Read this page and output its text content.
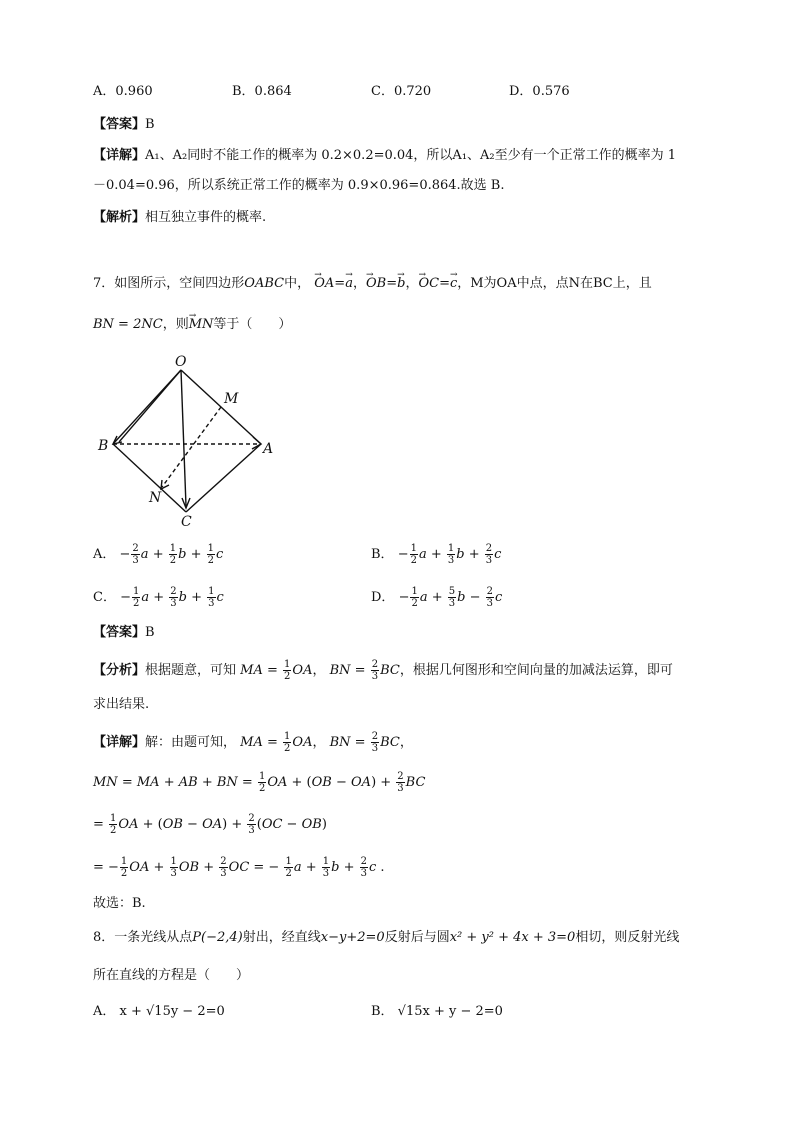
A．0.960	B．0.864	C．0.720	D．0.576
【答案】B
【详解】A₁、A₂同时不能工作的概率为 0.2×0.2=0.04，所以A₁、A₂至少有一个正常工作的概率为 1
－0.04=0.96，所以系统正常工作的概率为 0.9×0.96=0.864.故选 B.
【解析】相互独立事件的概率.
7．如图所示，空间四边形OABC中， → OA=→ a，→ OB=→ b，→ OC=→ c，M为OA中点，点N在BC上，且
BN = 2NC，则→ MN等于（　　）
O
M
B	A
N
C
A． − $\frac{2}{3}$ $a + \frac{1}{2}$ $b + \frac{1}{2}$ c	B． − $\frac{1}{2}$ $a + \frac{1}{3}$ $b + \frac{2}{3}$ c
C． − $\frac{1}{2}$ $a + \frac{2}{3}$ $b + \frac{1}{3}$ c	D． − $\frac{1}{2}$ $a + \frac{5}{3}$ $b - \frac{2}{3}$ c
【答案】B
【分析】根据题意，可知 MA = $\frac{1}{2}$ OA， BN = $\frac{2}{3}$ BC，根据几何图形和空间向量的加减法运算，即可
求出结果.
【详解】解：由题可知， MA = $\frac{1}{2}$ OA， BN = $\frac{2}{3}$ BC，
MN = MA + AB + BN = $\frac{1}{2}$ OA + $(OB - OA) + \frac{2}{3}$ BC
= $\frac{1}{2}$ OA + $(OB - OA) + \frac{2}{3} (OC - OB)$
= − $\frac{1}{2}$ OA + $\frac{1}{3}$ OB + $\frac{2}{3}$ OC = − $\frac{1}{2}$ $a + \frac{1}{3}$ $b + \frac{2}{3}$ c .
故选：B.
8．一条光线从点P(−2,4)射出，经直线x−y+2=0反射后与圆x² + y² + 4x + 3=0相切，则反射光线
所在直线的方程是（　　）
A． x + √15y − 2=0	B． √15x + y − 2=0
